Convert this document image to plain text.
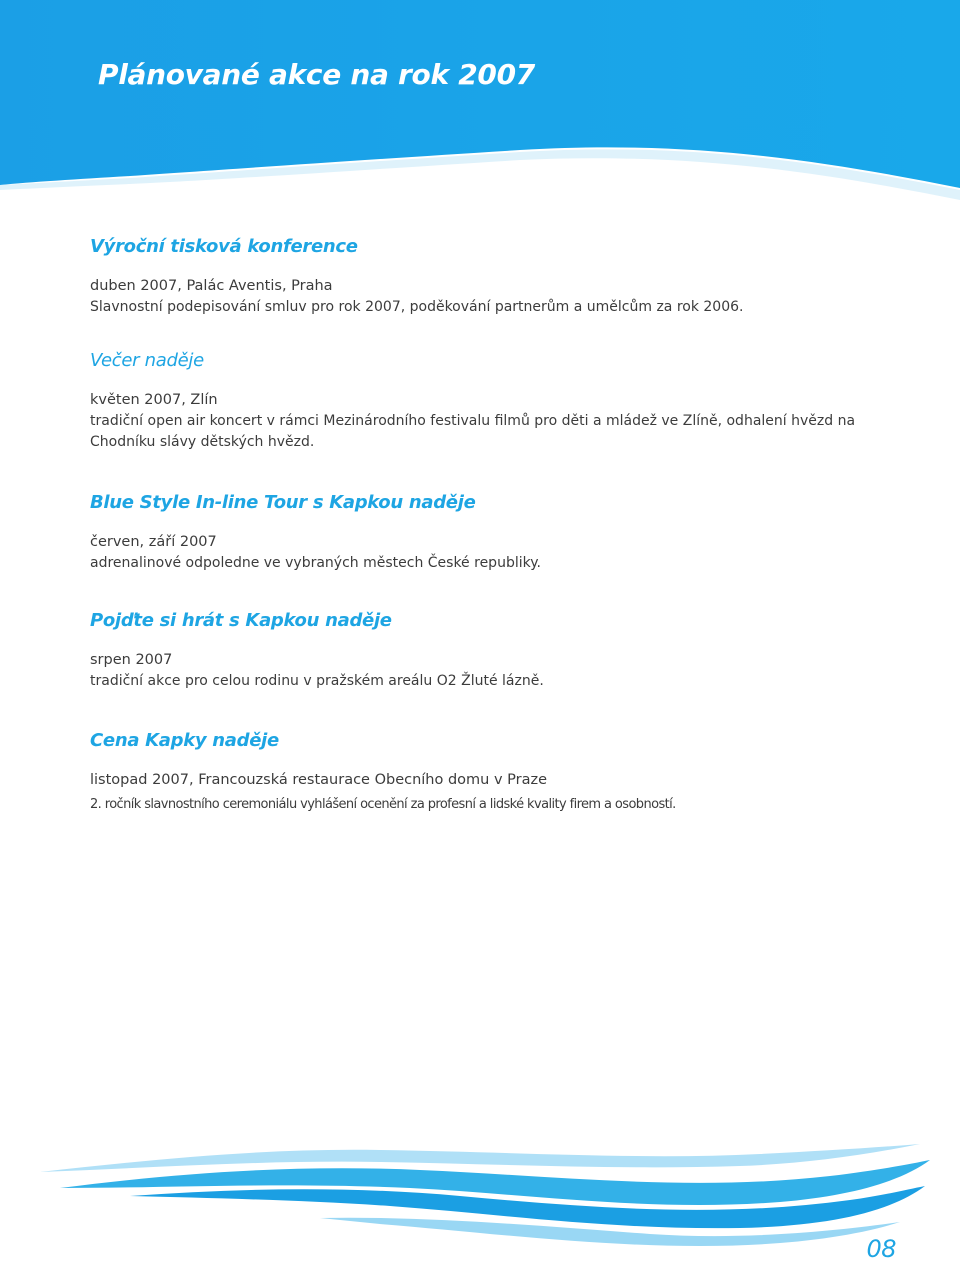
Plánované akce na rok 2007
Výroční tisková konference

duben 2007, Palác Aventis, Praha

Slavnostní podepisování smluv pro rok 2007, poděkování partnerům a umělcům za rok 2006.

Večer naděje

květen 2007, Zlín

tradiční open air koncert v rámci Mezinárodního festivalu filmů pro děti a mládež ve Zlíně, odhalení hvězd na Chodníku slávy dětských hvězd.

Blue Style In-line Tour s Kapkou naděje

červen, září 2007

adrenalinové odpoledne ve vybraných městech České republiky.

Pojďte si hrát s Kapkou naděje

srpen 2007

tradiční akce pro celou rodinu v pražském areálu O2 Žluté lázně.

Cena Kapky naděje

listopad 2007, Francouzská restaurace Obecního domu v Praze

2. ročník slavnostního ceremoniálu vyhlášení ocenění za profesní a lidské kvality firem a osobností.

08
